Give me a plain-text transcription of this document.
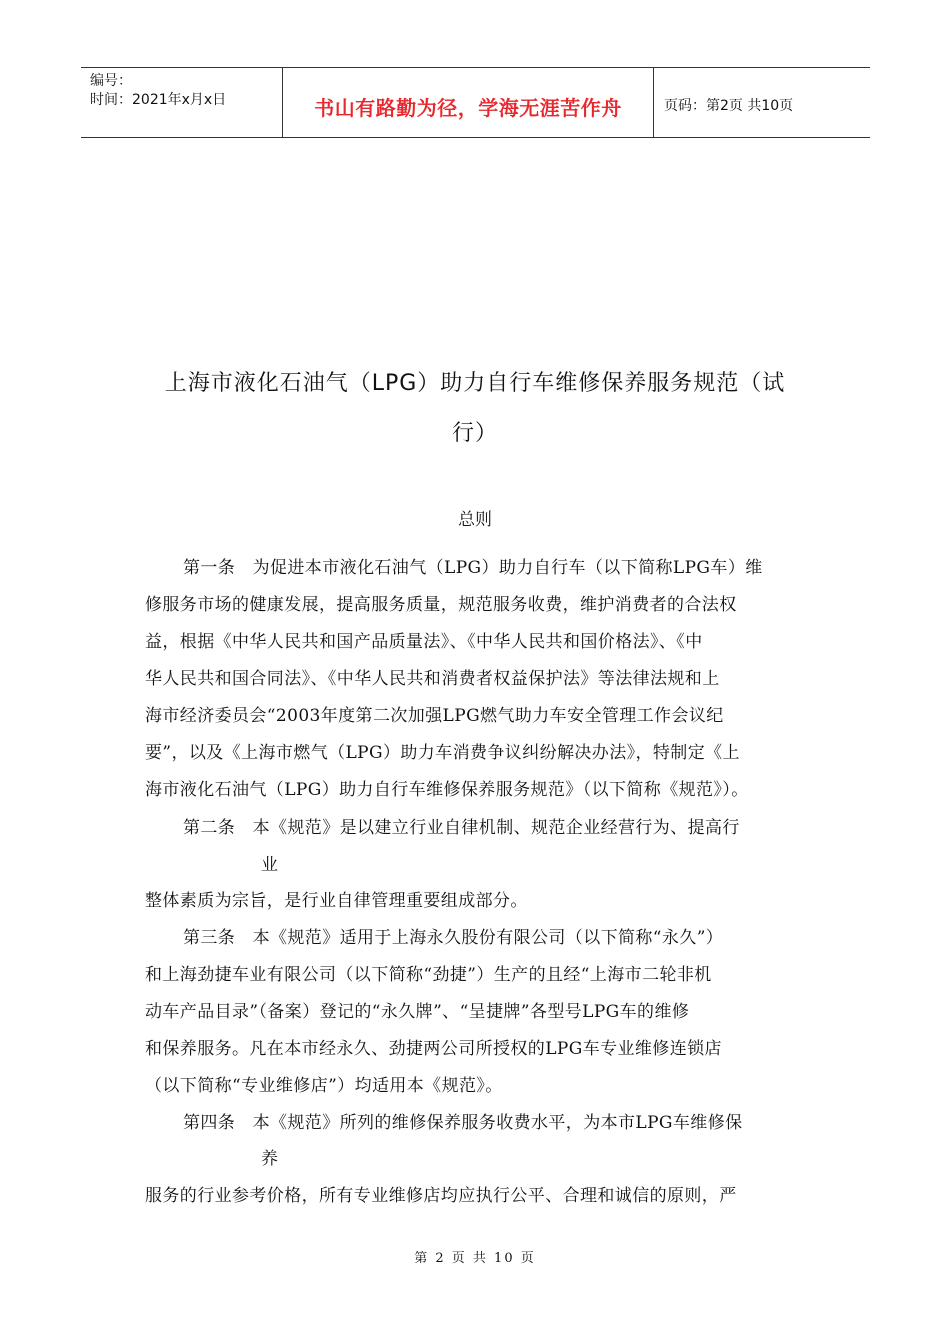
编号：
时间：2021年x月x日	书山有路勤为径，学海无涯苦作舟	页码：第2页 共10页
上海市液化石油气（LPG）助力自行车维修保养服务规范（试
行）
总则
第一条　为促进本市液化石油气（LPG）助力自行车（以下简称LPG车）维
修服务市场的健康发展，提高服务质量，规范服务收费，维护消费者的合法权
益，根据《中华人民共和国产品质量法》、《中华人民共和国价格法》、《中
华人民共和国合同法》、《中华人民共和消费者权益保护法》等法律法规和上
海市经济委员会“2003年度第二次加强LPG燃气助力车安全管理工作会议纪
要”，以及《上海市燃气（LPG）助力车消费争议纠纷解决办法》，特制定《上
海市液化石油气（LPG）助力自行车维修保养服务规范》（以下简称《规范》）。
第二条　本《规范》是以建立行业自律机制、规范企业经营行为、提高行
业
整体素质为宗旨，是行业自律管理重要组成部分。
第三条　本《规范》适用于上海永久股份有限公司（以下简称“永久”）
和上海劲捷车业有限公司（以下简称“劲捷”）生产的且经“上海市二轮非机
动车产品目录”（备案）登记的“永久牌”、“呈捷牌”各型号LPG车的维修
和保养服务。凡在本市经永久、劲捷两公司所授权的LPG车专业维修连锁店
（以下简称“专业维修店”）均适用本《规范》。
第四条　本《规范》所列的维修保养服务收费水平，为本市LPG车维修保
养
服务的行业参考价格，所有专业维修店均应执行公平、合理和诚信的原则，严
第 2 页 共 10 页
